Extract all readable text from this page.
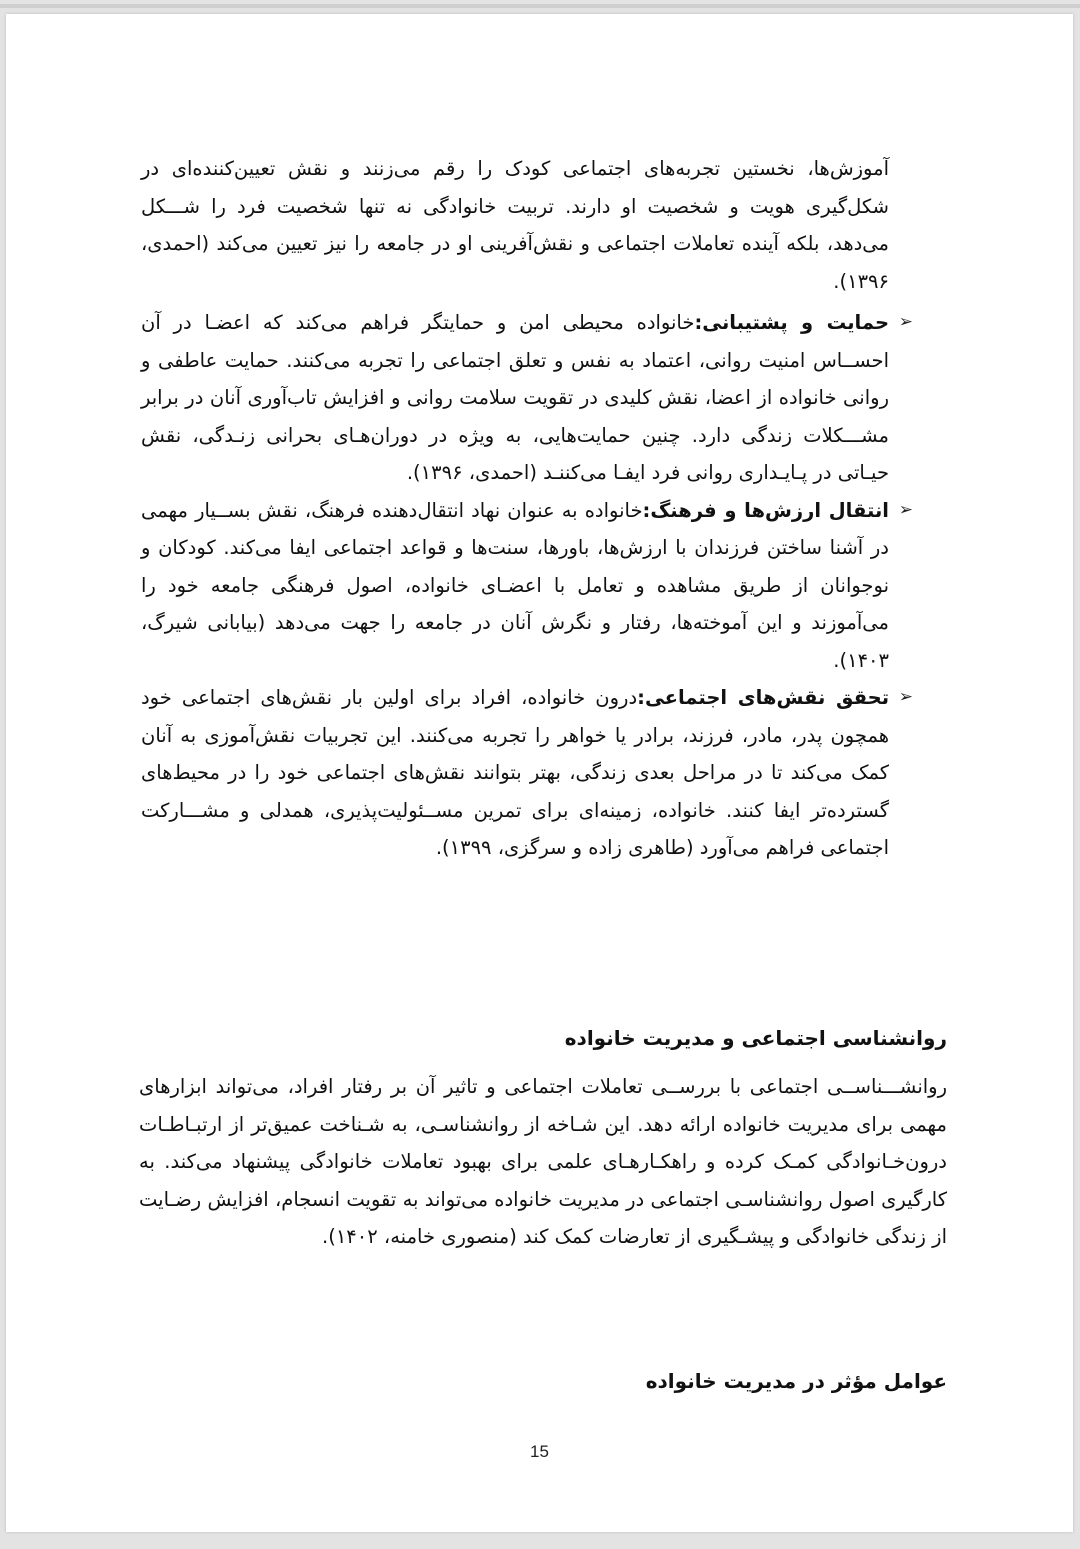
آموزش‌ها، نخستین تجربه‌های اجتماعی کودک را رقم می‌زنند و نقش تعیین‌کننده‌ای در شکل‌گیری هویت و شخصیت او دارند. تربیت خانوادگی نه تنها شخصیت فرد را شـــکل می‌دهد، بلکه آینده تعاملات اجتماعی و نقش‌آفرینی او در جامعه را نیز تعیین می‌کند (احمدی، ۱۳۹۶).
➢
حمایت و پشتیبانی:خانواده محیطی امن و حمایتگر فراهم می‌کند که اعضـا در آن احســاس امنیت روانی، اعتماد به نفس و تعلق اجتماعی را تجربه می‌کنند. حمایت عاطفی و روانی خانواده از اعضا، نقش کلیدی در تقویت سلامت روانی و افزایش تاب‌آوری آنان در برابر مشـــکلات زندگی دارد. چنین حمایت‌هایی، به ویژه در دوران‌هـای بحرانی زنـدگی، نقش حیـاتی در پـایـداری روانی فرد ایفـا می‌کننـد (احمدی، ۱۳۹۶).
➢
انتقال ارزش‌ها و فرهنگ:خانواده به عنوان نهاد انتقال‌دهنده فرهنگ، نقش بســیار مهمی در آشنا ساختن فرزندان با ارزش‌ها، باورها، سنت‌ها و قواعد اجتماعی ایفا می‌کند. کودکان و نوجوانان از طریق مشاهده و تعامل با اعضـای خانواده، اصول فرهنگی جامعه خود را می‌آموزند و این آموخته‌ها، رفتار و نگرش آنان در جامعه را جهت می‌دهد (بیابانی شیرگ، ۱۴۰۳).
➢
تحقق نقش‌های اجتماعی:درون خانواده، افراد برای اولین بار نقش‌های اجتماعی خود همچون پدر، مادر، فرزند، برادر یا خواهر را تجربه می‌کنند. این تجربیات نقش‌آموزی به آنان کمک می‌کند تا در مراحل بعدی زندگی، بهتر بتوانند نقش‌های اجتماعی خود را در محیط‌های گسترده‌تر ایفا کنند. خانواده، زمینه‌ای برای تمرین مســئولیت‌پذیری، همدلی و مشـــارکت اجتماعی فراهم می‌آورد (طاهری زاده و سرگزی، ۱۳۹۹).
روانشناسی اجتماعی و مدیریت خانواده
روانشـــناســی اجتماعی با بررســی تعاملات اجتماعی و تاثیر آن بر رفتار افراد، می‌تواند ابزارهای مهمی برای مدیریت خانواده ارائه دهد. این شـاخه از روانشناسـی، به شـناخت عمیق‌تر از ارتبـاطـات درون‌خـانوادگی کمـک کرده و راهکـارهـای علمی برای بهبود تعاملات خانوادگی پیشنهاد می‌کند. به کارگیری اصول روانشناسـی اجتماعی در مدیریت خانواده می‌تواند به تقویت انسجام، افزایش رضـایت از زندگی خانوادگی و پیشـگیری از تعارضات کمک کند (منصوری خامنه، ۱۴۰۲).
عوامل مؤثر در مدیریت خانواده
15
